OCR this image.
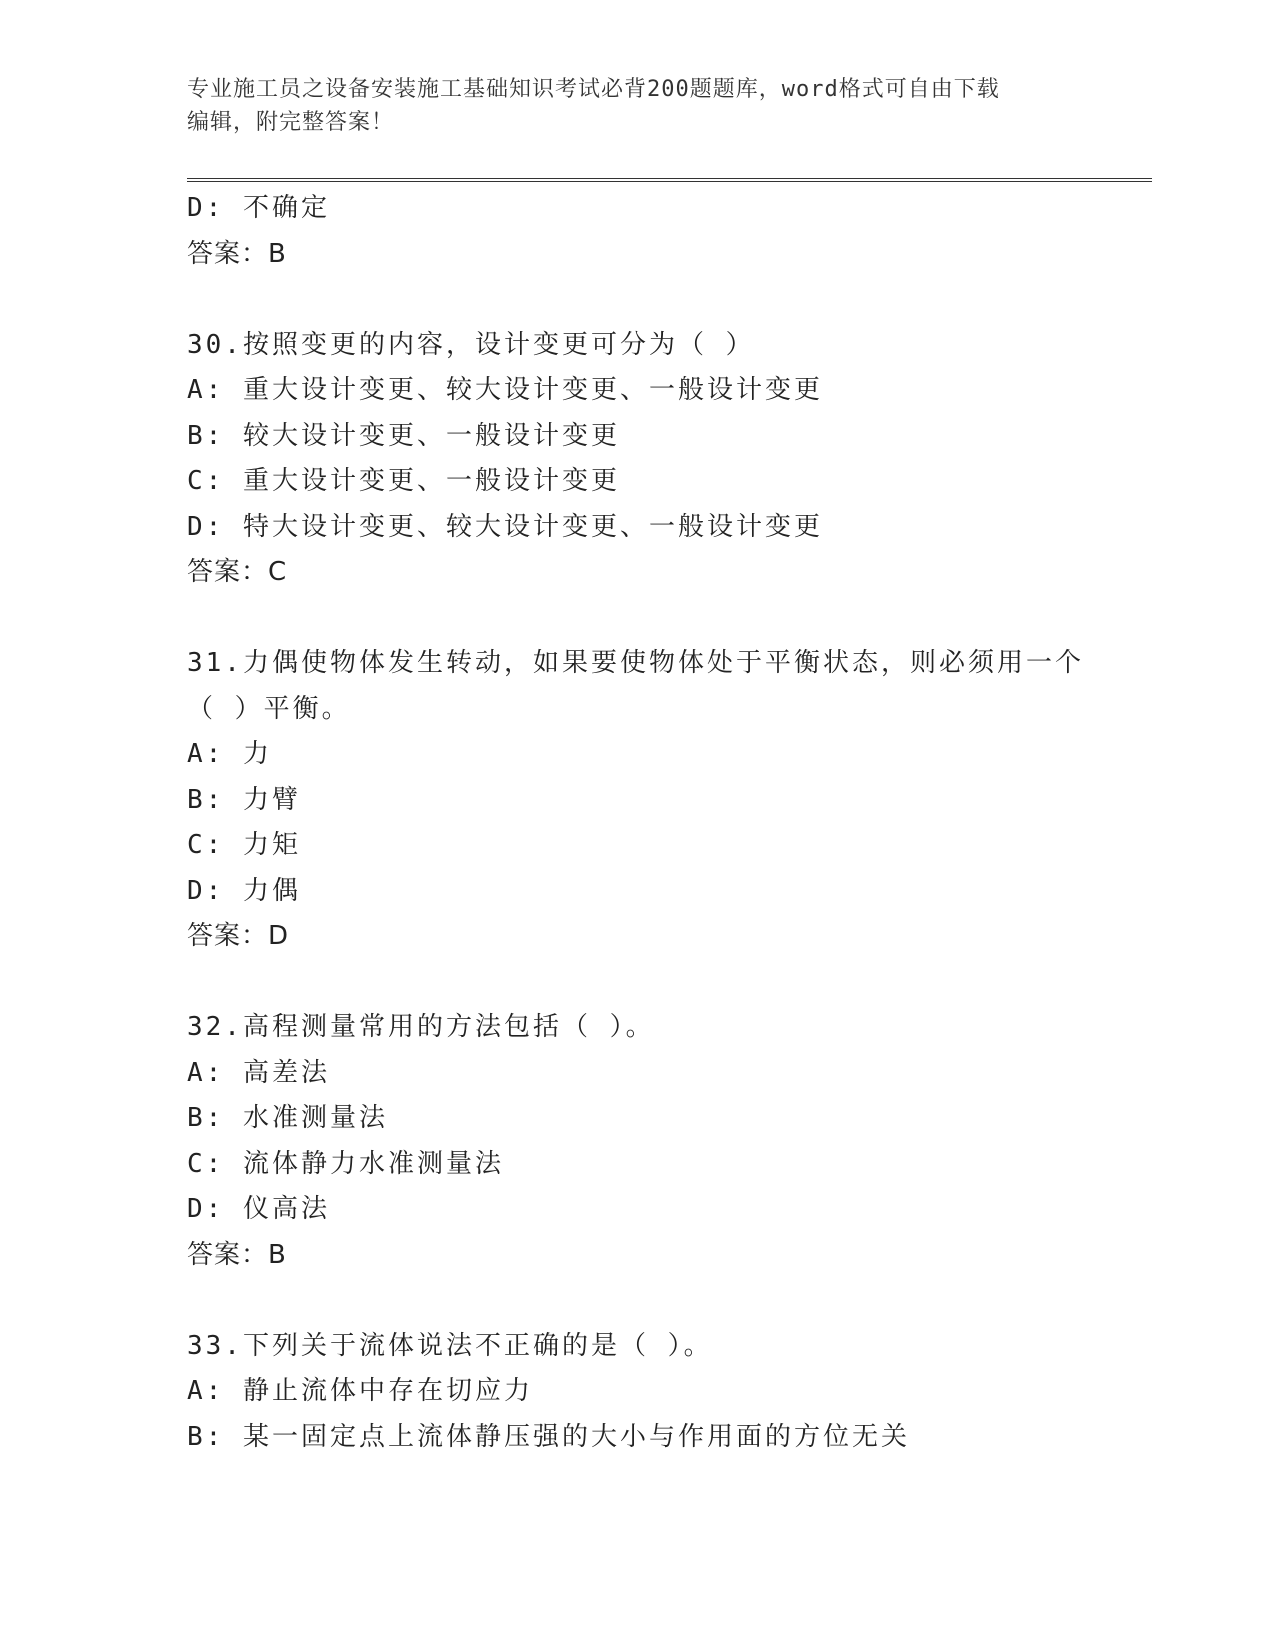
专业施工员之设备安装施工基础知识考试必背200题题库，word格式可自由下载
编辑，附完整答案！

D: 不确定

答案：B

30.按照变更的内容，设计变更可分为（ ）

A: 重大设计变更、较大设计变更、一般设计变更

B: 较大设计变更、一般设计变更

C: 重大设计变更、一般设计变更

D: 特大设计变更、较大设计变更、一般设计变更

答案：C

31.力偶使物体发生转动，如果要使物体处于平衡状态，则必须用一个

（ ）平衡。

A: 力

B: 力臂

C: 力矩

D: 力偶

答案：D

32.高程测量常用的方法包括（ ）。

A: 高差法

B: 水准测量法

C: 流体静力水准测量法

D: 仪高法

答案：B

33.下列关于流体说法不正确的是（ ）。

A: 静止流体中存在切应力

B: 某一固定点上流体静压强的大小与作用面的方位无关
